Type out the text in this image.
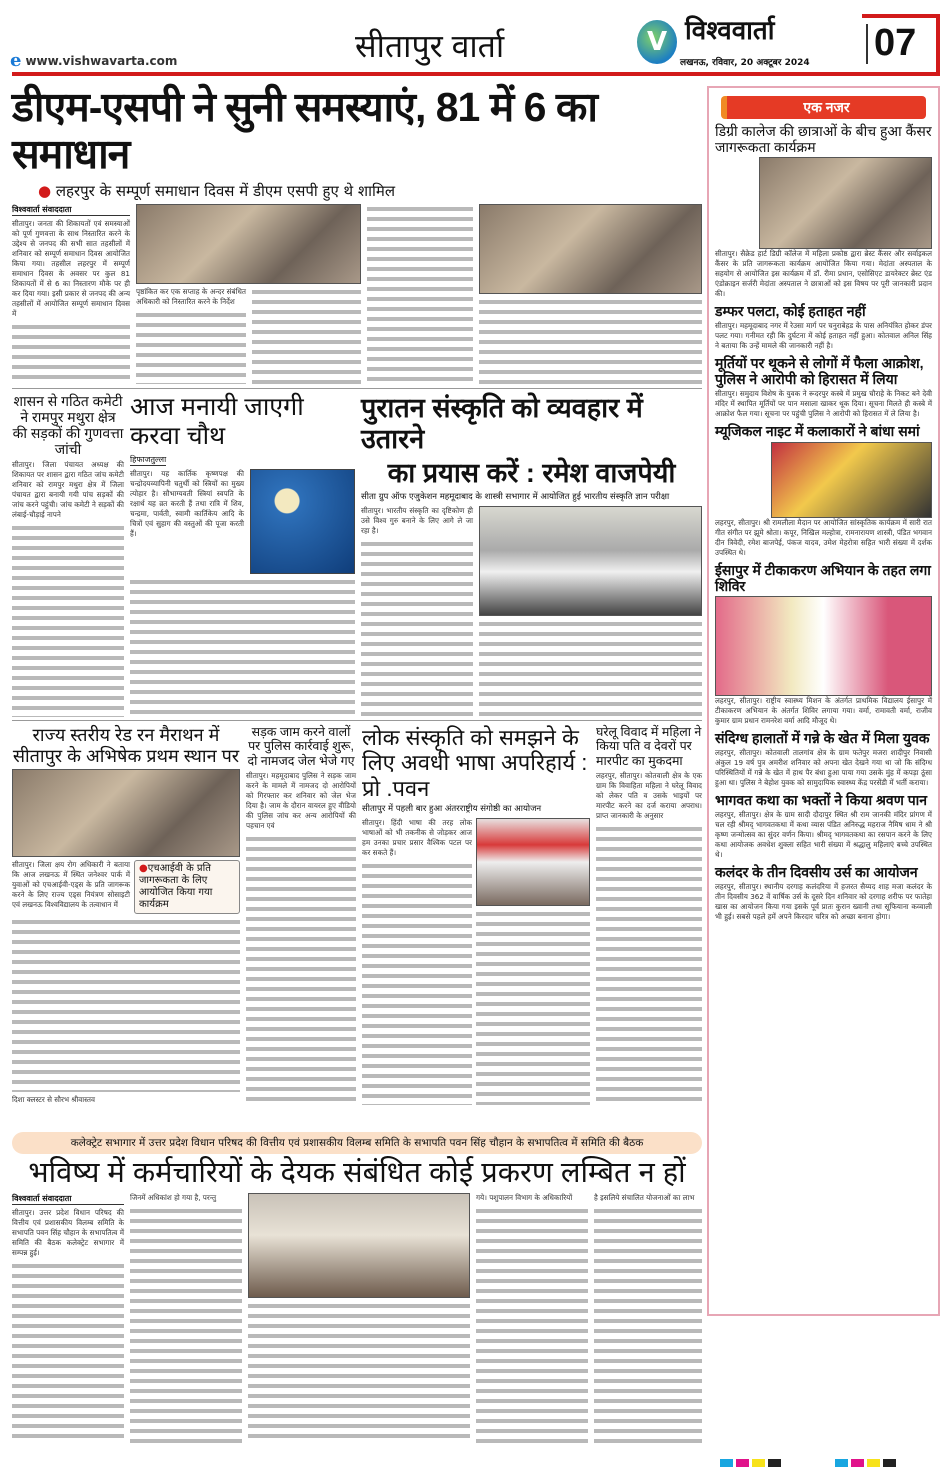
e www.vishwavarta.com	सीतापुर वार्ता	V विश्ववार्ता
लखनऊ, रविवार, 20 अक्टूबर 2024	07
डीएम-एसपी ने सुनी समस्याएं, 81 में 6 का समाधान
● लहरपुर के सम्पूर्ण समाधान दिवस में डीएम एसपी हुए थे शामिल
विश्ववार्ता संवाददाता
सीतापुर। जनता की शिकायतों एवं समस्याओं को पूर्ण गुणवत्ता के साथ निस्तारित करने के उद्देश्य से जनपद की सभी सात तहसीलों में शनिवार को सम्पूर्ण समाधान दिवस आयोजित किया गया। तहसील लहरपुर में सम्पूर्ण समाधान दिवस के अवसर पर कुल 81 शिकायतों में से 6 का निस्तारण मौके पर ही कर दिया गया। इसी प्रकार से जनपद की अन्य तहसीलों में आयोजित सम्पूर्ण समाधान दिवस में
पृष्ठांकित कर एक सप्ताह के अन्दर संबंधित अधिकारी को निस्तारित करने के निर्देश
शासन से गठित कमेटी ने रामपुर मथुरा क्षेत्र की सड़कों की गुणवत्ता जांची
सीतापुर। जिला पंचायत अध्यक्ष की शिकायत पर शासन द्वारा गठित जांच कमेटी शनिवार को रामपुर मथुरा क्षेत्र में जिला पंचायत द्वारा बनायी गयी पांच सड़कों की जांच करने पहुंची। जांच कमेटी ने सड़कों की लंबाई-चौड़ाई नापने
आज मनायी जाएगी करवा चौथ
हिफाजतुल्ला
सीतापुर। यह कार्तिक कृष्णपक्ष की चन्द्रोदयव्यापिनी चतुर्थी को स्त्रियों का मुख्य त्योहार है। सौभाग्यवती स्त्रियां स्वपति के रक्षार्थ यह व्रत करती हैं तथा रात्रि में शिव, चन्द्रमा, पार्वती, स्वामी कार्तिकेय आदि के चित्रों एवं सुहाग की वस्तुओं की पूजा करती हैं।
पुरातन संस्कृति को व्यवहार में उतारने
का प्रयास करें : रमेश वाजपेयी
सीता ग्रुप ऑफ एजुकेशन महमूदाबाद के शास्त्री सभागार में आयोजित हुई भारतीय संस्कृति ज्ञान परीक्षा
सीतापुर। भारतीय संस्कृति का दृष्टिकोण ही उसे विश्व गुरु बनाने के लिए आगे ले जा रहा है।
राज्य स्तरीय रेड रन मैराथन में सीतापुर के अभिषेक प्रथम स्थान पर
सीतापुर। जिला क्षय रोग अधिकारी ने बताया कि आज लखनऊ में स्थित जनेश्वर पार्क में युवाओं को एचआईवी-एड्स के प्रति जागरूक करने के लिए राज्य एड्स नियंत्रण सोसाइटी एवं लखनऊ विश्वविद्यालय के तत्वाधान में
●एचआईवी के प्रति जागरूकता के लिए आयोजित किया गया कार्यक्रम
दिशा क्लस्टर से सौरभ श्रीवास्तव
सड़क जाम करने वालों पर पुलिस कार्रवाई शुरू, दो नामजद जेल भेजे गए
सीतापुर। महमूदाबाद पुलिस ने सड़क जाम करने के मामले में नामजद दो आरोपियों को गिरफ्तार कर शनिवार को जेल भेज दिया है। जाम के दौरान वायरल हुए वीडियो की पुलिस जांच कर अन्य आरोपियों की पहचान एवं
लोक संस्कृति को समझने के लिए अवधी भाषा अपरिहार्य : प्रो .पवन
सीतापुर में पहली बार हुआ अंतरराष्ट्रीय संगोष्ठी का आयोजन
सीतापुर। हिंदी भाषा की तरह लोक भाषाओं को भी तकनीक से जोड़कर आज हम उनका प्रचार प्रसार वैश्विक पटल पर कर सकते हैं।
घरेलू विवाद में महिला ने किया पति व देवरों पर मारपीट का मुकदमा
लहरपुर, सीतापुर। कोतवाली क्षेत्र के एक ग्राम कि विवाहिता महिला ने घरेलू विवाद को लेकर पति व उसके भाइयों पर मारपीट करने का दर्ज कराया अपराध। प्राप्त जानकारी के अनुसार
एक नजर
डिग्री कालेज की छात्राओं के बीच हुआ कैंसर जागरूकता कार्यक्रम

सीतापुर। सैक्रेड हार्ट डिग्री कॉलेज में महिला प्रकोष्ठ द्वारा ब्रेस्ट कैंसर और सर्वाइकल कैंसर के प्रति जागरूकता कार्यक्रम आयोजित किया गया। मेदांता अस्पताल के सहयोग से आयोजित इस कार्यक्रम में डॉ. रीमा प्रधान, एसोसिएट डायरेक्टर ब्रेस्ट एंड एंडोक्राइन सर्जरी मेदांता अस्पताल ने छात्राओं को इस विषय पर पूरी जानकारी प्रदान की।

डम्फर पलटा, कोई हताहत नहीं

सीतापुर। महमूदाबाद नगर में रेउसा मार्ग पर चनुराबेहड के पास अनियंत्रित होकर डंपर पलट गया। गनीमत रही कि दुर्घटना में कोई हताहत नहीं हुआ। कोतवाल अनिल सिंह ने बताया कि उन्हें मामले की जानकारी नहीं है।

मूर्तियों पर थूकने से लोगों में फैला आक्रोश, पुलिस ने आरोपी को हिरासत में लिया

सीतापुर। समुदाय विशेष के युवक ने रूदरपुर कस्बे में प्रमुख चौराहे के निकट बने देवी मंदिर में स्थापित मूर्तियों पर पान मसाला खाकर थूक दिया। सूचना मिलते ही कस्बे में आक्रोश फैल गया। सूचना पर पहुंची पुलिस ने आरोपी को हिरासत में ले लिया है।

म्यूजिकल नाइट में कलाकारों ने बांधा समां

लहरपुर, सीतापुर। श्री रामलीला मैदान पर आयोजित सांस्कृतिक कार्यक्रम में सारी रात गीत संगीत पर झूमे श्रोता। कपूर, निखिल मल्होत्रा, रामनारायण शास्त्री, पंडित भगवान दीन त्रिवेदी, रमेश बाजपेई, पंकज यादव, उमेश मेहरोत्रा सहित भारी संख्या में दर्शक उपस्थित थे।

ईसापुर में टीकाकरण अभियान के तहत लगा शिविर

लहरपुर, सीतापुर। राष्ट्रीय स्वास्थ्य मिशन के अंतर्गत प्राथमिक विद्यालय ईसापुर में टीकाकरण अभियान के अंतर्गत शिविर लगाया गया। वर्मा, रामावती वर्मा, राजीव कुमार ग्राम प्रधान रामनरेश वर्मा आदि मौजूद थे।

संदिग्ध हालातों में गन्ने के खेत में मिला युवक

लहरपुर, सीतापुर। कोतवाली तालगांव क्षेत्र के ग्राम फतेपुर मजरा शादीपुर निवासी अंकुल 19 वर्ष पुत्र अमरीश शनिवार को अपना खेत देखने गया था जो कि संदिग्ध परिस्थितियों में गन्ने के खेत में हाथ पैर बंधा हुआ पाया गया उसके मुंह में कपड़ा ठूंसा हुआ था। पुलिस ने बेहोश युवक को सामुदायिक स्वास्थ्य केंद्र परसेंडी में भर्ती कराया।

भागवत कथा का भक्तों ने किया श्रवण पान

लहरपुर, सीतापुर। क्षेत्र के ग्राम सादी दौदापुर स्थित श्री राम जानकी मंदिर प्रांगण में चल रही श्रीमद् भागवतकथा में कथा व्यास पंडित अनिरुद्ध महराज नैमिष धाम ने श्री कृष्ण जन्मोत्सव का सुंदर वर्णन किया। श्रीमद् भागवतकथा का रसपान करने के लिए कथा आयोजक अवधेश शुक्ला सहित भारी संख्या में श्रद्धालु महिलाएं बच्चे उपस्थित थे।

कलंदर के तीन दिवसीय उर्स का आयोजन

लहरपुर, सीतापुर। स्थानीय दरगाह कलंदरिया में हजरत सैय्यद शाह मजा कलंदर के तीन दिवसीय 362 वें वार्षिक उर्स के दूसरे दिन शनिवार को दरगाह शरीफ पर फातेहा खास का आयोजन किया गया इसके पूर्व प्रातः कुरान ख्वानी तथा सूफियाना कव्वाली भी हुई। सबसे पहले हमें अपने किरदार चरित्र को अच्छा बनाना होगा।

कलेक्ट्रेट सभागार में उत्तर प्रदेश विधान परिषद की वित्तीय एवं प्रशासकीय विलम्ब समिति के सभापति पवन सिंह चौहान के सभापतित्व में समिति की बैठक
भविष्य में कर्मचारियों के देयक संबंधित कोई प्रकरण लम्बित न हों
विश्ववार्ता संवाददाता
सीतापुर। उत्तर प्रदेश विधान परिषद की वित्तीय एवं प्रशासकीय विलम्ब समिति के सभापति पवन सिंह चौहान के सभापतित्व में समिति की बैठक कलेक्ट्रेट सभागार में सम्पन्न हुई।
जिनमें अधिकांश हो गया है, परन्तु	गये। पशुपालन विभाग के अधिकारियों	है इसलिये संचालित योजनाओं का लाभ
